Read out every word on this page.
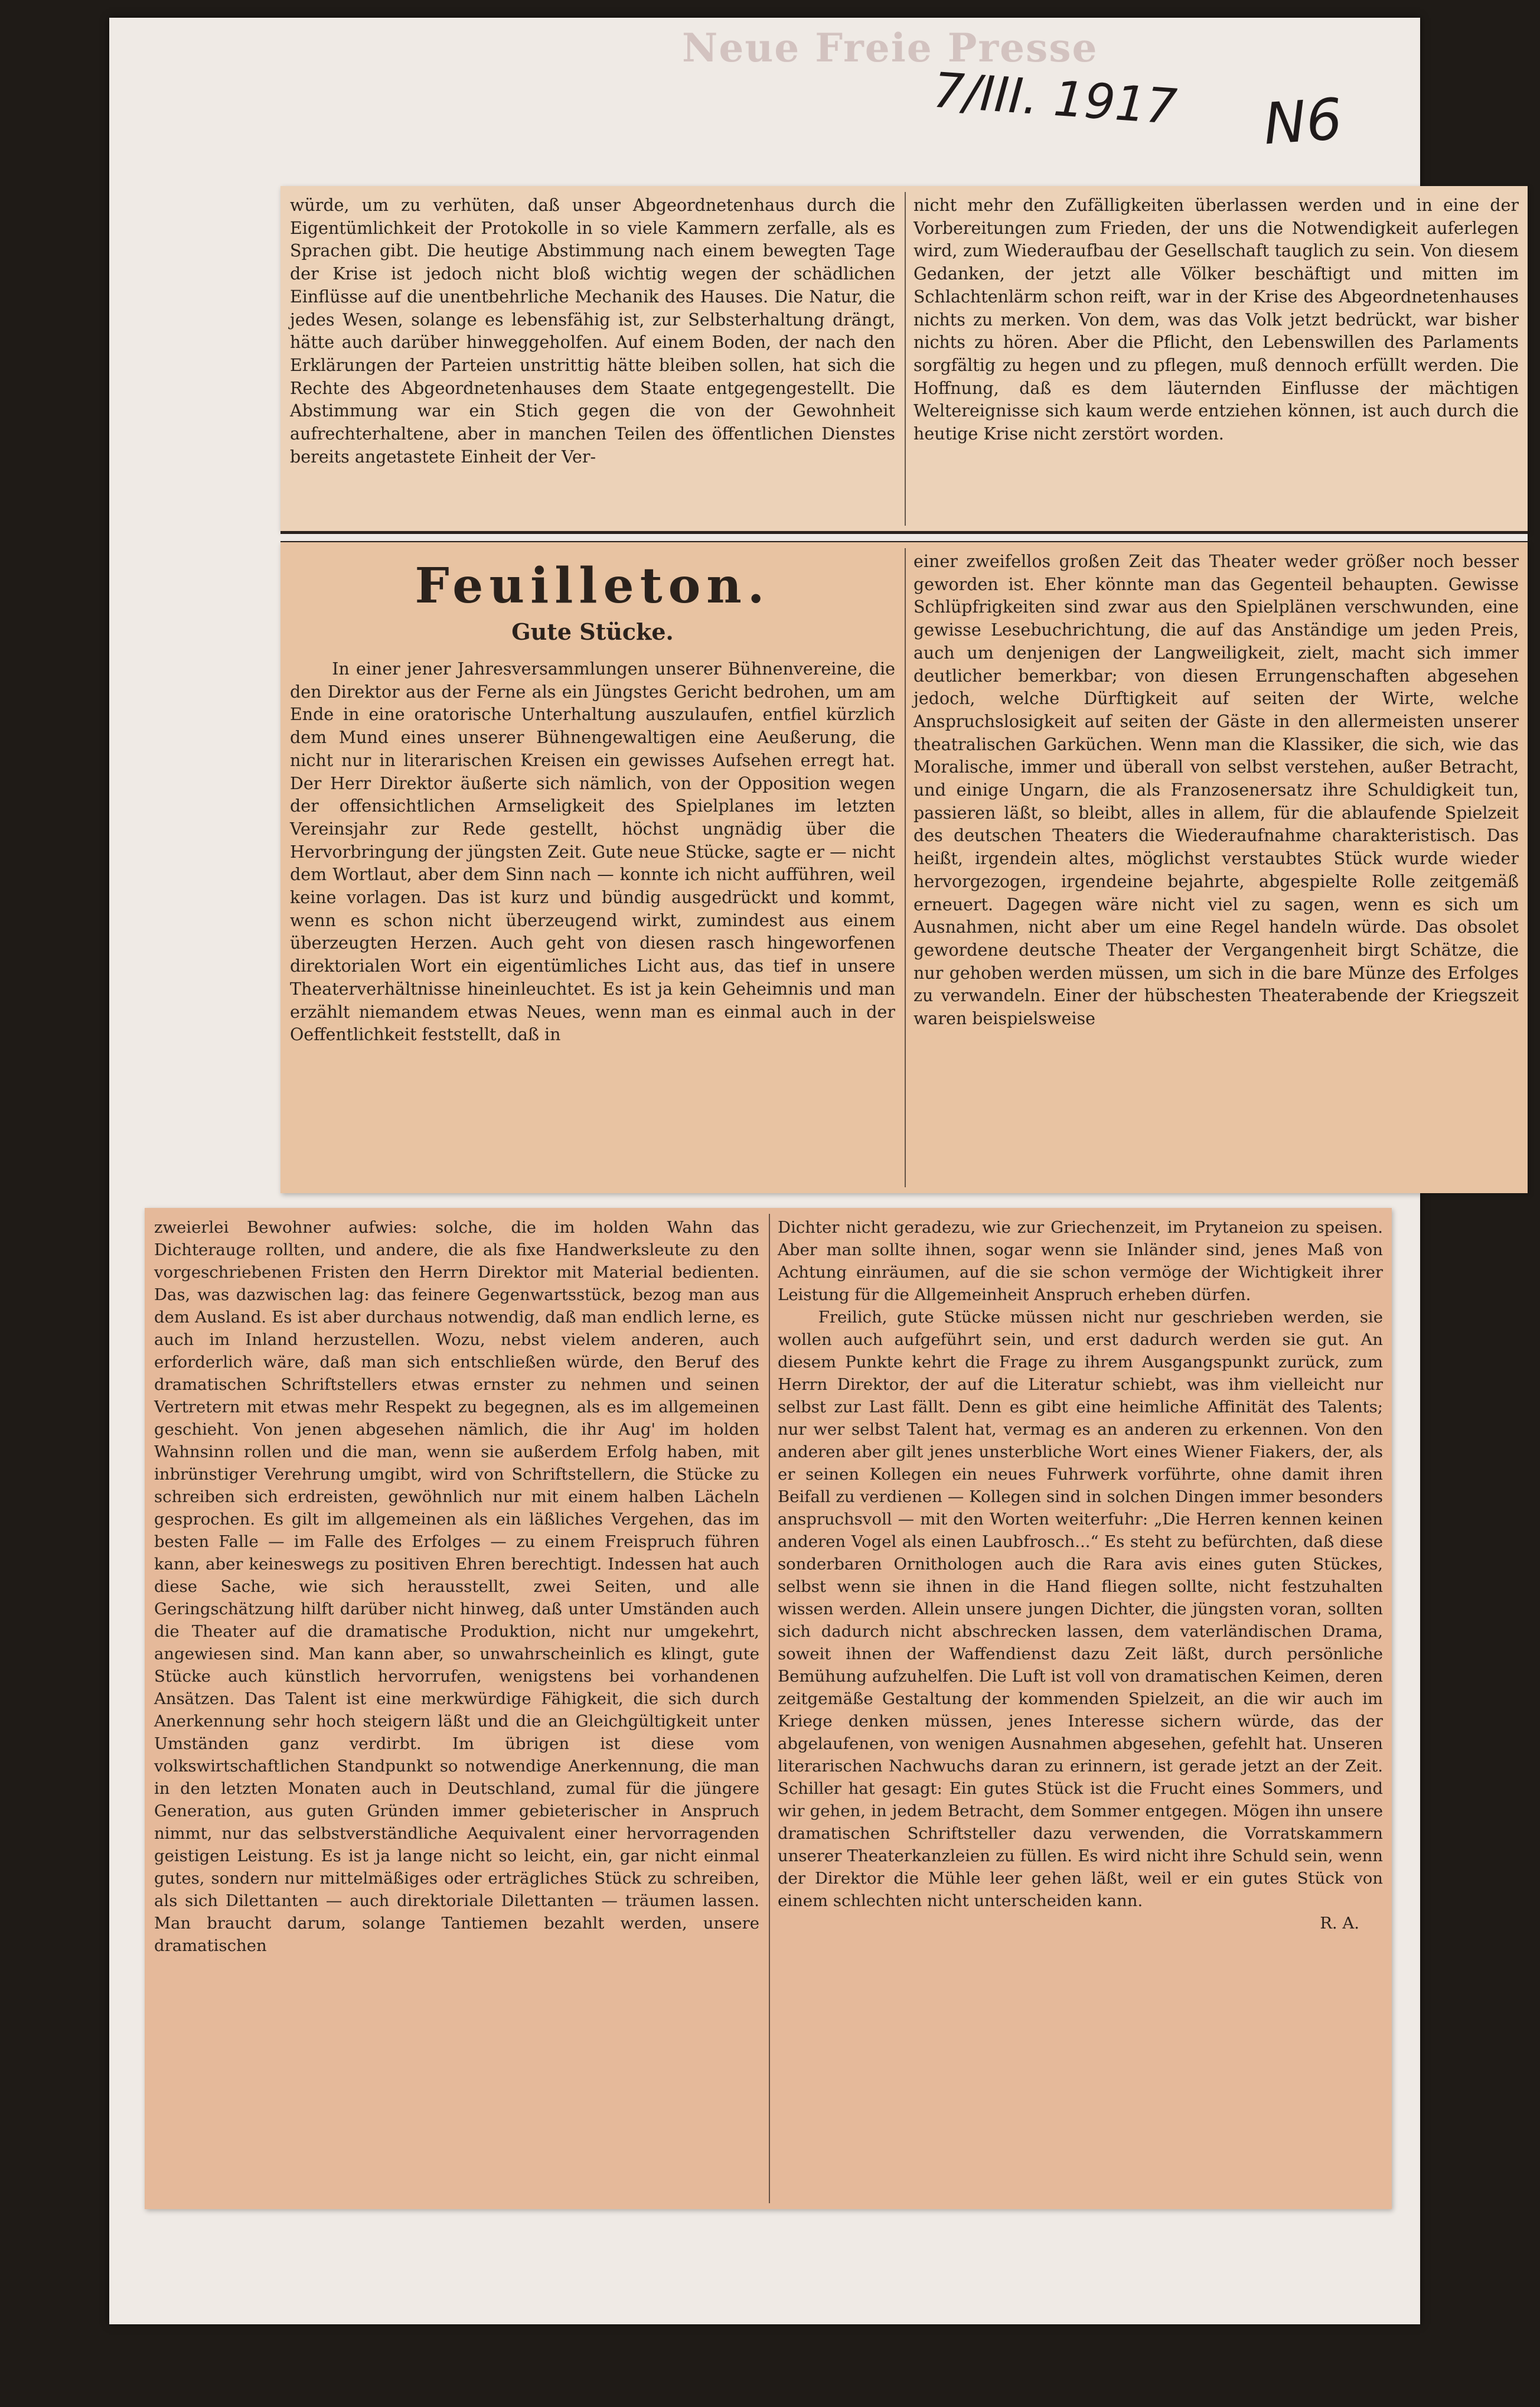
Neue Freie Presse
7/III. 1917 N6

würde, um zu verhüten, daß unser Abgeordnetenhaus durch die Eigentümlichkeit der Protokolle in so viele Kammern zerfalle, als es Sprachen gibt. Die heutige Abstimmung nach einem bewegten Tage der Krise ist jedoch nicht bloß wichtig wegen der schädlichen Einflüsse auf die unentbehrliche Mechanik des Hauses. Die Natur, die jedes Wesen, solange es lebensfähig ist, zur Selbsterhaltung drängt, hätte auch darüber hinweggeholfen. Auf einem Boden, der nach den Erklärungen der Parteien unstrittig hätte bleiben sollen, hat sich die Rechte des Abgeordnetenhauses dem Staate entgegengestellt. Die Abstimmung war ein Stich gegen die von der Gewohnheit aufrechterhaltene, aber in manchen Teilen des öffentlichen Dienstes bereits angetastete Einheit der Ver-

nicht mehr den Zufälligkeiten überlassen werden und in eine der Vorbereitungen zum Frieden, der uns die Notwendigkeit auferlegen wird, zum Wiederaufbau der Gesellschaft tauglich zu sein. Von diesem Gedanken, der jetzt alle Völker beschäftigt und mitten im Schlachtenlärm schon reift, war in der Krise des Abgeordnetenhauses nichts zu merken. Von dem, was das Volk jetzt bedrückt, war bisher nichts zu hören. Aber die Pflicht, den Lebenswillen des Parlaments sorgfältig zu hegen und zu pflegen, muß dennoch erfüllt werden. Die Hoffnung, daß es dem läuternden Einflusse der mächtigen Weltereignisse sich kaum werde entziehen können, ist auch durch die heutige Krise nicht zerstört worden.

Feuilleton.
Gute Stücke.

In einer jener Jahresversammlungen unserer Bühnenvereine, die den Direktor aus der Ferne als ein Jüngstes Gericht bedrohen, um am Ende in eine oratorische Unterhaltung auszulaufen, entfiel kürzlich dem Mund eines unserer Bühnengewaltigen eine Aeußerung, die nicht nur in literarischen Kreisen ein gewisses Aufsehen erregt hat. Der Herr Direktor äußerte sich nämlich, von der Opposition wegen der offensichtlichen Armseligkeit des Spielplanes im letzten Vereinsjahr zur Rede gestellt, höchst ungnädig über die Hervorbringung der jüngsten Zeit. Gute neue Stücke, sagte er — nicht dem Wortlaut, aber dem Sinn nach — konnte ich nicht aufführen, weil keine vorlagen. Das ist kurz und bündig ausgedrückt und kommt, wenn es schon nicht überzeugend wirkt, zumindest aus einem überzeugten Herzen. Auch geht von diesen rasch hingeworfenen direktorialen Wort ein eigentümliches Licht aus, das tief in unsere Theaterverhältnisse hineinleuchtet. Es ist ja kein Geheimnis und man erzählt niemandem etwas Neues, wenn man es einmal auch in der Oeffentlichkeit feststellt, daß in

einer zweifellos großen Zeit das Theater weder größer noch besser geworden ist. Eher könnte man das Gegenteil behaupten. Gewisse Schlüpfrigkeiten sind zwar aus den Spielplänen verschwunden, eine gewisse Lesebuchrichtung, die auf das Anständige um jeden Preis, auch um denjenigen der Langweiligkeit, zielt, macht sich immer deutlicher bemerkbar; von diesen Errungenschaften abgesehen jedoch, welche Dürftigkeit auf seiten der Wirte, welche Anspruchslosigkeit auf seiten der Gäste in den allermeisten unserer theatralischen Garküchen. Wenn man die Klassiker, die sich, wie das Moralische, immer und überall von selbst verstehen, außer Betracht, und einige Ungarn, die als Franzosenersatz ihre Schuldigkeit tun, passieren läßt, so bleibt, alles in allem, für die ablaufende Spielzeit des deutschen Theaters die Wiederaufnahme charakteristisch. Das heißt, irgendein altes, möglichst verstaubtes Stück wurde wieder hervorgezogen, irgendeine bejahrte, abgespielte Rolle zeitgemäß erneuert. Dagegen wäre nicht viel zu sagen, wenn es sich um Ausnahmen, nicht aber um eine Regel handeln würde. Das obsolet gewordene deutsche Theater der Vergangenheit birgt Schätze, die nur gehoben werden müssen, um sich in die bare Münze des Erfolges zu verwandeln. Einer der hübschesten Theaterabende der Kriegszeit waren beispielsweise

zweierlei Bewohner aufwies: solche, die im holden Wahn das Dichterauge rollten, und andere, die als fixe Handwerksleute zu den vorgeschriebenen Fristen den Herrn Direktor mit Material bedienten. Das, was dazwischen lag: das feinere Gegenwartsstück, bezog man aus dem Ausland. Es ist aber durchaus notwendig, daß man endlich lerne, es auch im Inland herzustellen. Wozu, nebst vielem anderen, auch erforderlich wäre, daß man sich entschließen würde, den Beruf des dramatischen Schriftstellers etwas ernster zu nehmen und seinen Vertretern mit etwas mehr Respekt zu begegnen, als es im allgemeinen geschieht. Von jenen abgesehen nämlich, die ihr Aug' im holden Wahnsinn rollen und die man, wenn sie außerdem Erfolg haben, mit inbrünstiger Verehrung umgibt, wird von Schriftstellern, die Stücke zu schreiben sich erdreisten, gewöhnlich nur mit einem halben Lächeln gesprochen. Es gilt im allgemeinen als ein läßliches Vergehen, das im besten Falle — im Falle des Erfolges — zu einem Freispruch führen kann, aber keineswegs zu positiven Ehren berechtigt. Indessen hat auch diese Sache, wie sich herausstellt, zwei Seiten, und alle Geringschätzung hilft darüber nicht hinweg, daß unter Umständen auch die Theater auf die dramatische Produktion, nicht nur umgekehrt, angewiesen sind. Man kann aber, so unwahrscheinlich es klingt, gute Stücke auch künstlich hervorrufen, wenigstens bei vorhandenen Ansätzen. Das Talent ist eine merkwürdige Fähigkeit, die sich durch Anerkennung sehr hoch steigern läßt und die an Gleichgültigkeit unter Umständen ganz verdirbt. Im übrigen ist diese vom volkswirtschaftlichen Standpunkt so notwendige Anerkennung, die man in den letzten Monaten auch in Deutschland, zumal für die jüngere Generation, aus guten Gründen immer gebieterischer in Anspruch nimmt, nur das selbstverständliche Aequivalent einer hervorragenden geistigen Leistung. Es ist ja lange nicht so leicht, ein, gar nicht einmal gutes, sondern nur mittelmäßiges oder erträgliches Stück zu schreiben, als sich Dilettanten — auch direktoriale Dilettanten — träumen lassen. Man braucht darum, solange Tantiemen bezahlt werden, unsere dramatischen

Dichter nicht geradezu, wie zur Griechenzeit, im Prytaneion zu speisen. Aber man sollte ihnen, sogar wenn sie Inländer sind, jenes Maß von Achtung einräumen, auf die sie schon vermöge der Wichtigkeit ihrer Leistung für die Allgemeinheit Anspruch erheben dürfen.

Freilich, gute Stücke müssen nicht nur geschrieben werden, sie wollen auch aufgeführt sein, und erst dadurch werden sie gut. An diesem Punkte kehrt die Frage zu ihrem Ausgangspunkt zurück, zum Herrn Direktor, der auf die Literatur schiebt, was ihm vielleicht nur selbst zur Last fällt. Denn es gibt eine heimliche Affinität des Talents; nur wer selbst Talent hat, vermag es an anderen zu erkennen. Von den anderen aber gilt jenes unsterbliche Wort eines Wiener Fiakers, der, als er seinen Kollegen ein neues Fuhrwerk vorführte, ohne damit ihren Beifall zu verdienen — Kollegen sind in solchen Dingen immer besonders anspruchsvoll — mit den Worten weiterfuhr: „Die Herren kennen keinen anderen Vogel als einen Laubfrosch...“ Es steht zu befürchten, daß diese sonderbaren Ornithologen auch die Rara avis eines guten Stückes, selbst wenn sie ihnen in die Hand fliegen sollte, nicht festzuhalten wissen werden. Allein unsere jungen Dichter, die jüngsten voran, sollten sich dadurch nicht abschrecken lassen, dem vaterländischen Drama, soweit ihnen der Waffendienst dazu Zeit läßt, durch persönliche Bemühung aufzuhelfen. Die Luft ist voll von dramatischen Keimen, deren zeitgemäße Gestaltung der kommenden Spielzeit, an die wir auch im Kriege denken müssen, jenes Interesse sichern würde, das der abgelaufenen, von wenigen Ausnahmen abgesehen, gefehlt hat. Unseren literarischen Nachwuchs daran zu erinnern, ist gerade jetzt an der Zeit. Schiller hat gesagt: Ein gutes Stück ist die Frucht eines Sommers, und wir gehen, in jedem Betracht, dem Sommer entgegen. Mögen ihn unsere dramatischen Schriftsteller dazu verwenden, die Vorratskammern unserer Theaterkanzleien zu füllen. Es wird nicht ihre Schuld sein, wenn der Direktor die Mühle leer gehen läßt, weil er ein gutes Stück von einem schlechten nicht unterscheiden kann.

R. A.
